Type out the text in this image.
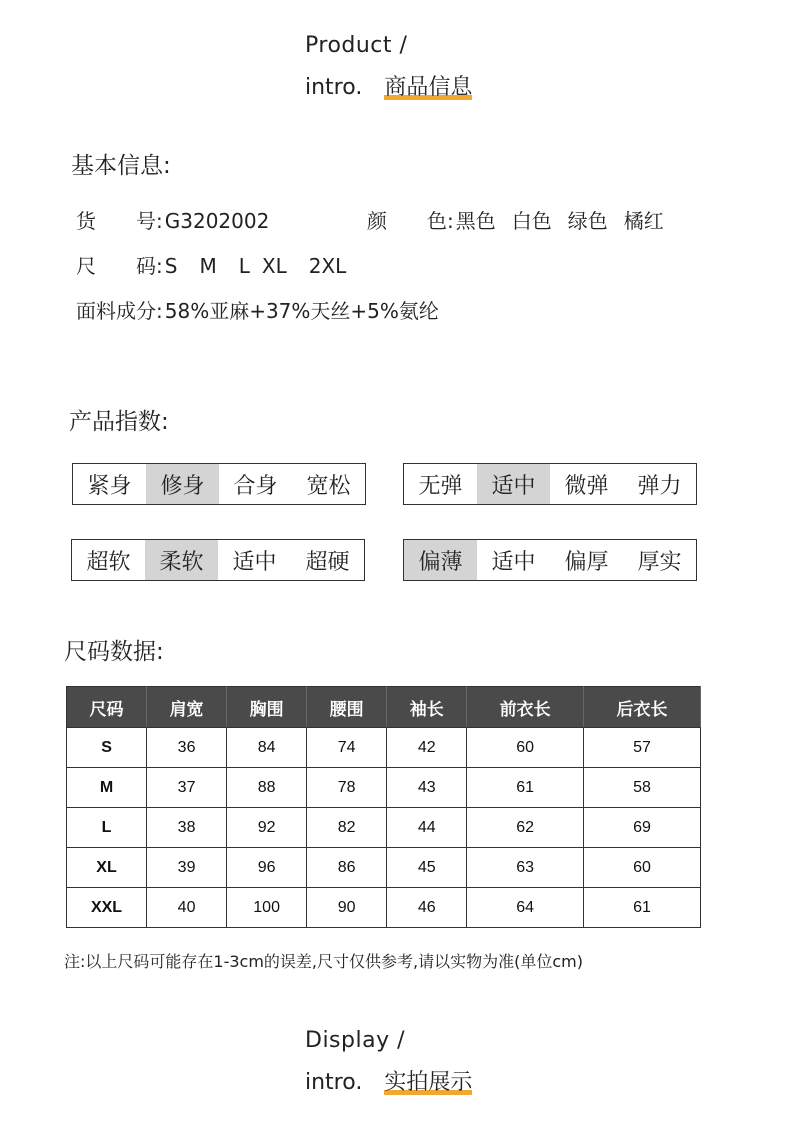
Product /
intro. 商品信息
基本信息:
货　　号: G3202002	颜　　色: 黑色 白色 绿色 橘红
尺　　码: S M L XL 2XL
面料成分: 58%亚麻+37%天丝+5%氨纶
产品指数:
紧身	修身	合身	宽松	无弹	适中	微弹	弹力
超软	柔软	适中	超硬	偏薄	适中	偏厚	厚实
尺码数据:
尺码	肩宽	胸围	腰围	袖长	前衣长	后衣长
S	36	84	74	42	60	57
M	37	88	78	43	61	58
L	38	92	82	44	62	69
XL	39	96	86	45	63	60
XXL	40	100	90	46	64	61
注:以上尺码可能存在1-3cm的误差,尺寸仅供参考,请以实物为准(单位cm)
Display /
intro. 实拍展示
